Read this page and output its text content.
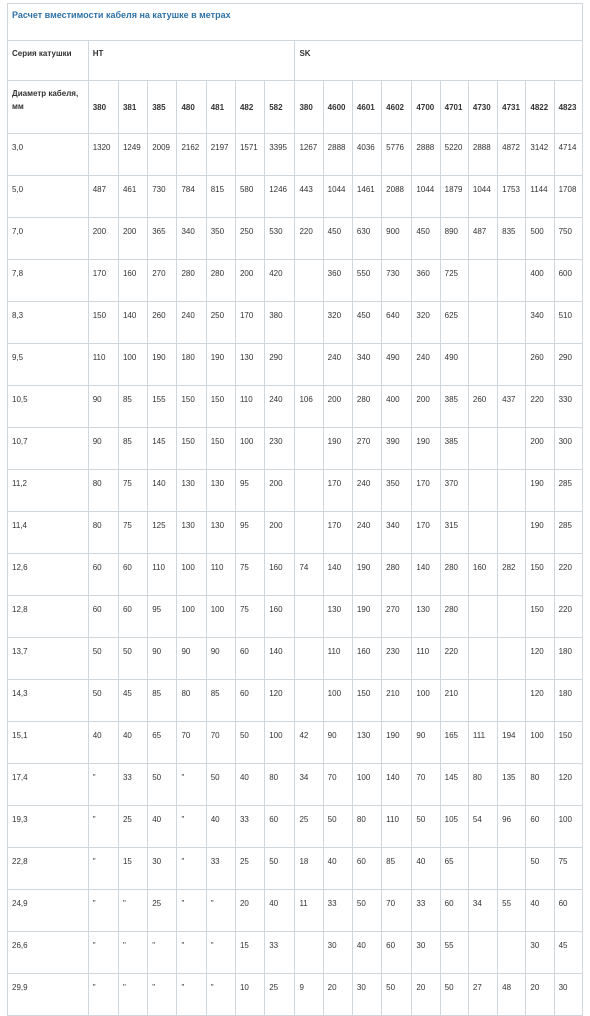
Расчет вместимости кабеля на катушке в метрах																	
Серия катушки	HT							SK									
Диаметр кабеля, мм	380	381	385	480	481	482	582	380	4600	4601	4602	4700	4701	4730	4731	4822	4823
3,0	1320	1249	2009	2162	2197	1571	3395	1267	2888	4036	5776	2888	5220	2888	4872	3142	4714
5,0	487	461	730	784	815	580	1246	443	1044	1461	2088	1044	1879	1044	1753	1144	1708
7,0	200	200	365	340	350	250	530	220	450	630	900	450	890	487	835	500	750
7,8	170	160	270	280	280	200	420		360	550	730	360	725			400	600
8,3	150	140	260	240	250	170	380		320	450	640	320	625			340	510
9,5	110	100	190	180	190	130	290		240	340	490	240	490			260	290
10,5	90	85	155	150	150	110	240	106	200	280	400	200	385	260	437	220	330
10,7	90	85	145	150	150	100	230		190	270	390	190	385			200	300
11,2	80	75	140	130	130	95	200		170	240	350	170	370			190	285
11,4	80	75	125	130	130	95	200		170	240	340	170	315			190	285
12,6	60	60	110	100	110	75	160	74	140	190	280	140	280	160	282	150	220
12,8	60	60	95	100	100	75	160		130	190	270	130	280			150	220
13,7	50	50	90	90	90	60	140		110	160	230	110	220			120	180
14,3	50	45	85	80	85	60	120		100	150	210	100	210			120	180
15,1	40	40	65	70	70	50	100	42	90	130	190	90	165	111	194	100	150
17,4	"	33	50	"	50	40	80	34	70	100	140	70	145	80	135	80	120
19,3	"	25	40	"	40	33	60	25	50	80	110	50	105	54	96	60	100
22,8	"	15	30	"	33	25	50	18	40	60	85	40	65			50	75
24,9	"	"	25	"	"	20	40	11	33	50	70	33	60	34	55	40	60
26,6	"	"	"	"	"	15	33		30	40	60	30	55			30	45
29,9	"	"	"	"	"	10	25	9	20	30	50	20	50	27	48	20	30
